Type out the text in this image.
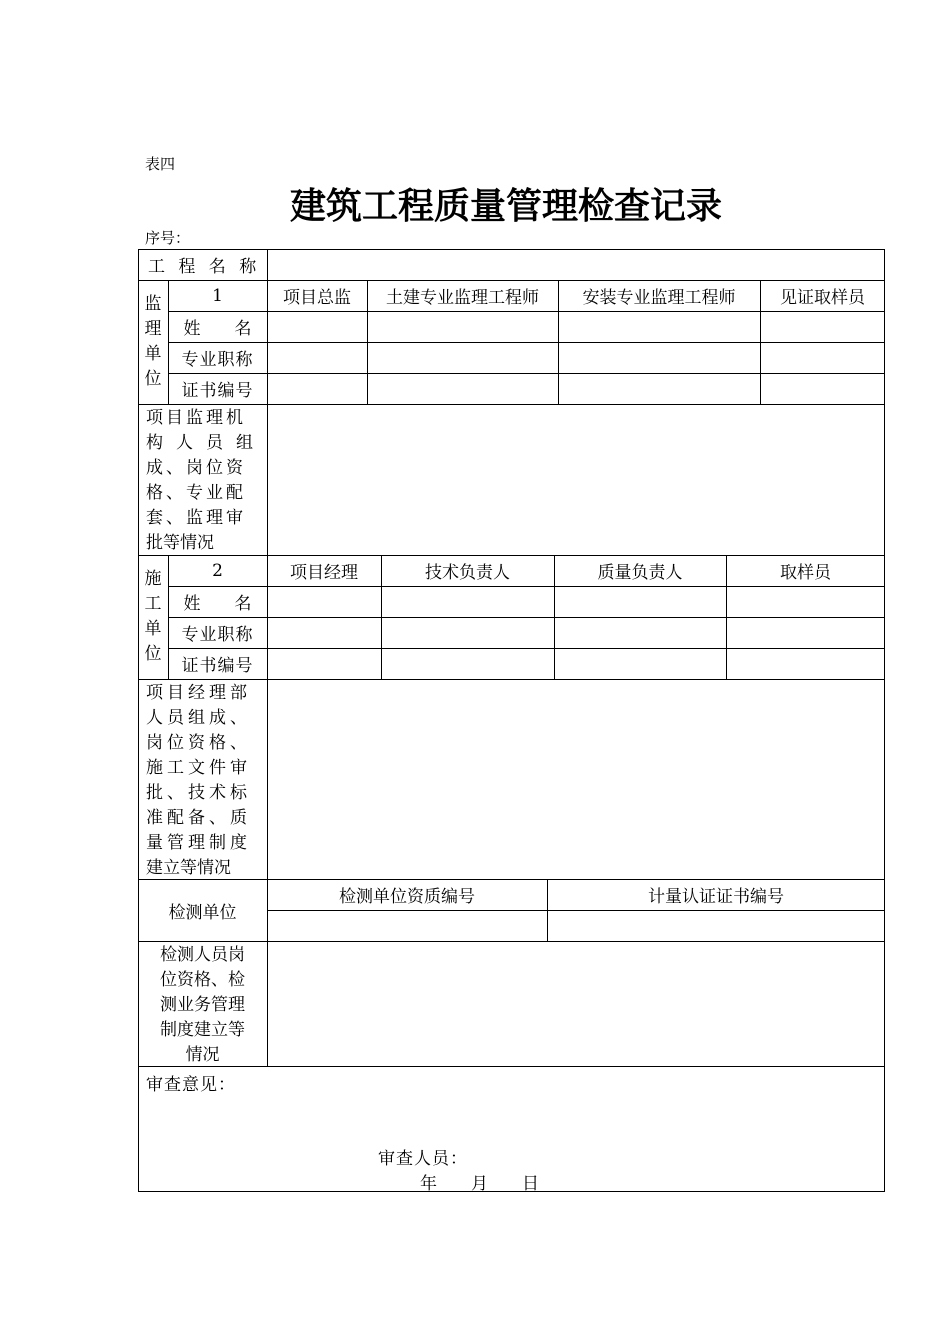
表四
建筑工程质量管理检查记录
序号：
工 程 名 称
监
理
单
位
1	项目总监	土建专业监理工程师	安装专业监理工程师	见证取样员
姓　　名
专业职称
证书编号
项目监理机
构人员组
成、岗位资
格、专业配
套、监理审
批等情况
施
工
单
位
2	项目经理	技术负责人	质量负责人	取样员
姓　　名
专业职称
证书编号
项目经理部
人员组成、
岗位资格、
施工文件审
批、技术标
准配备、质
量管理制度
建立等情况
检测单位
检测单位资质编号	计量认证证书编号
检测人员岗
位资格、检
测业务管理
制度建立等
情况
审查意见：
审查人员：
年　　月　　日
